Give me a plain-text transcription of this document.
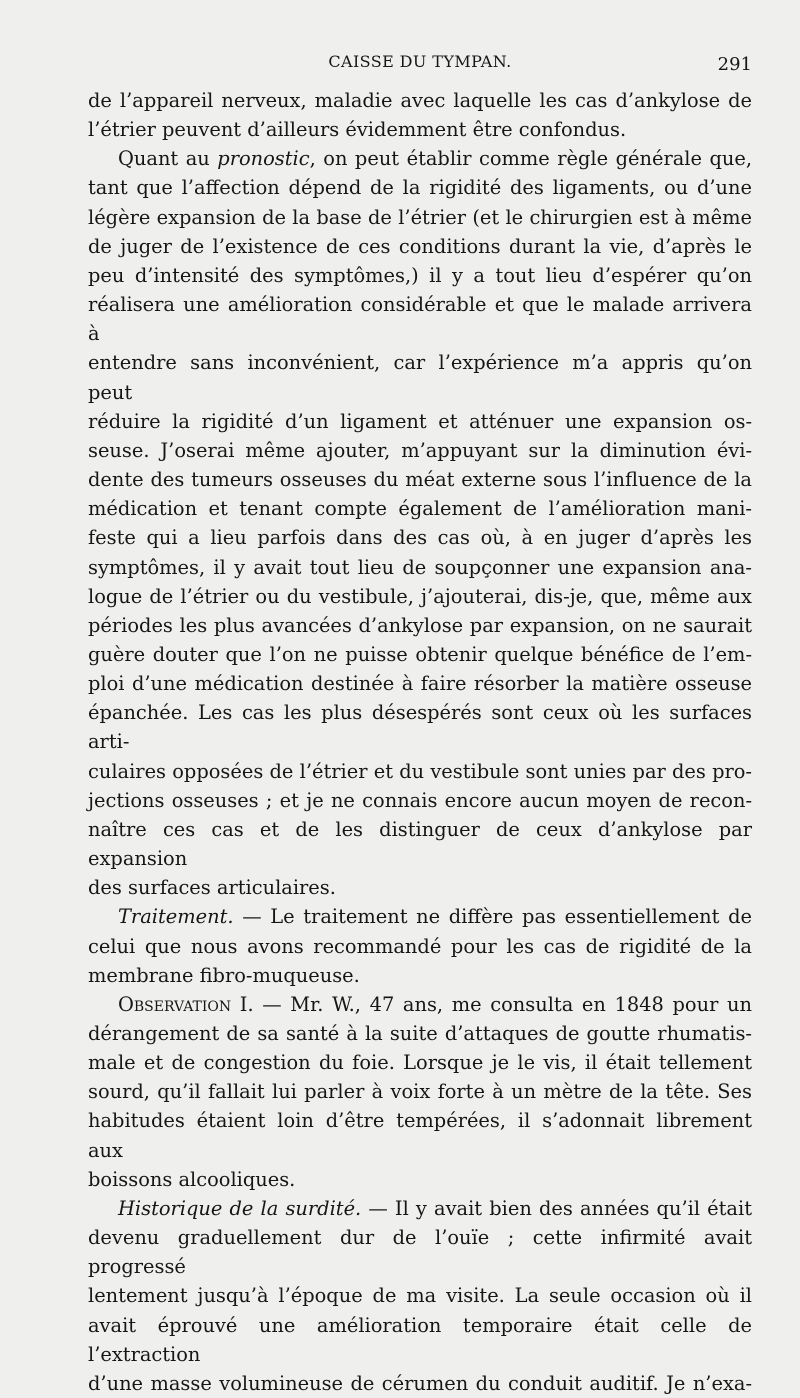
CAISSE DU TYMPAN.	291

de l’appareil nerveux, maladie avec laquelle les cas d’ankylose de

l’étrier peuvent d’ailleurs évidemment être confondus.

Quant au pronostic, on peut établir comme règle générale que,

tant que l’affection dépend de la rigidité des ligaments, ou d’une

légère expansion de la base de l’étrier (et le chirurgien est à même

de juger de l’existence de ces conditions durant la vie, d’après le

peu d’intensité des symptômes,) il y a tout lieu d’espérer qu’on

réalisera une amélioration considérable et que le malade arrivera à

entendre sans inconvénient, car l’expérience m’a appris qu’on peut

réduire la rigidité d’un ligament et atténuer une expansion os-

seuse. J’oserai même ajouter, m’appuyant sur la diminution évi-

dente des tumeurs osseuses du méat externe sous l’influence de la

médication et tenant compte également de l’amélioration mani-

feste qui a lieu parfois dans des cas où, à en juger d’après les

symptômes, il y avait tout lieu de soupçonner une expansion ana-

logue de l’étrier ou du vestibule, j’ajouterai, dis-je, que, même aux

périodes les plus avancées d’ankylose par expansion, on ne saurait

guère douter que l’on ne puisse obtenir quelque bénéfice de l’em-

ploi d’une médication destinée à faire résorber la matière osseuse

épanchée. Les cas les plus désespérés sont ceux où les surfaces arti-

culaires opposées de l’étrier et du vestibule sont unies par des pro-

jections osseuses ; et je ne connais encore aucun moyen de recon-

naître ces cas et de les distinguer de ceux d’ankylose par expansion

des surfaces articulaires.

Traitement. — Le traitement ne diffère pas essentiellement de

celui que nous avons recommandé pour les cas de rigidité de la

membrane fibro-muqueuse.

Observation I. — Mr. W., 47 ans, me consulta en 1848 pour un

dérangement de sa santé à la suite d’attaques de goutte rhumatis-

male et de congestion du foie. Lorsque je le vis, il était tellement

sourd, qu’il fallait lui parler à voix forte à un mètre de la tête. Ses

habitudes étaient loin d’être tempérées, il s’adonnait librement aux

boissons alcooliques.

Historique de la surdité. — Il y avait bien des années qu’il était

devenu graduellement dur de l’ouïe ; cette infirmité avait progressé

lentement jusqu’à l’époque de ma visite. La seule occasion où il

avait éprouvé une amélioration temporaire était celle de l’extraction

d’une masse volumineuse de cérumen du conduit auditif. Je n’exa-
